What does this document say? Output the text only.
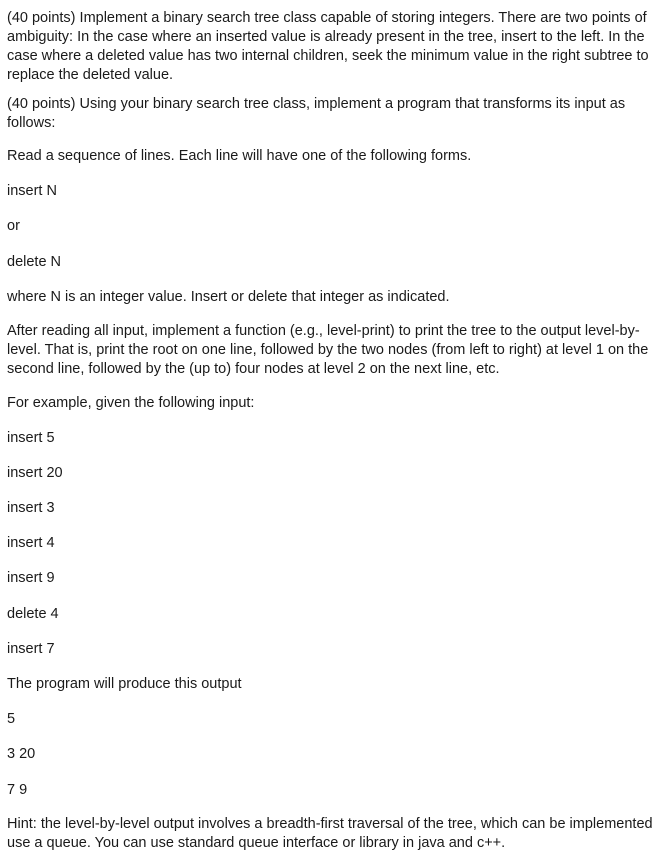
(40 points) Implement a binary search tree class capable of storing integers. There are two points of ambiguity: In the case where an inserted value is already present in the tree, insert to the left. In the case where a deleted value has two internal children, seek the minimum value in the right subtree to replace the deleted value.

(40 points) Using your binary search tree class, implement a program that transforms its input as follows:

Read a sequence of lines. Each line will have one of the following forms.

insert N

or

delete N

where N is an integer value. Insert or delete that integer as indicated.

After reading all input, implement a function (e.g., level-print) to print the tree to the output level-by-level. That is, print the root on one line, followed by the two nodes (from left to right) at level 1 on the second line, followed by the (up to) four nodes at level 2 on the next line, etc.

For example, given the following input:

insert 5

insert 20

insert 3

insert 4

insert 9

delete 4

insert 7

The program will produce this output

5

3 20

7 9

Hint: the level-by-level output involves a breadth-first traversal of the tree, which can be implemented use a queue. You can use standard queue interface or library in java and c++.
